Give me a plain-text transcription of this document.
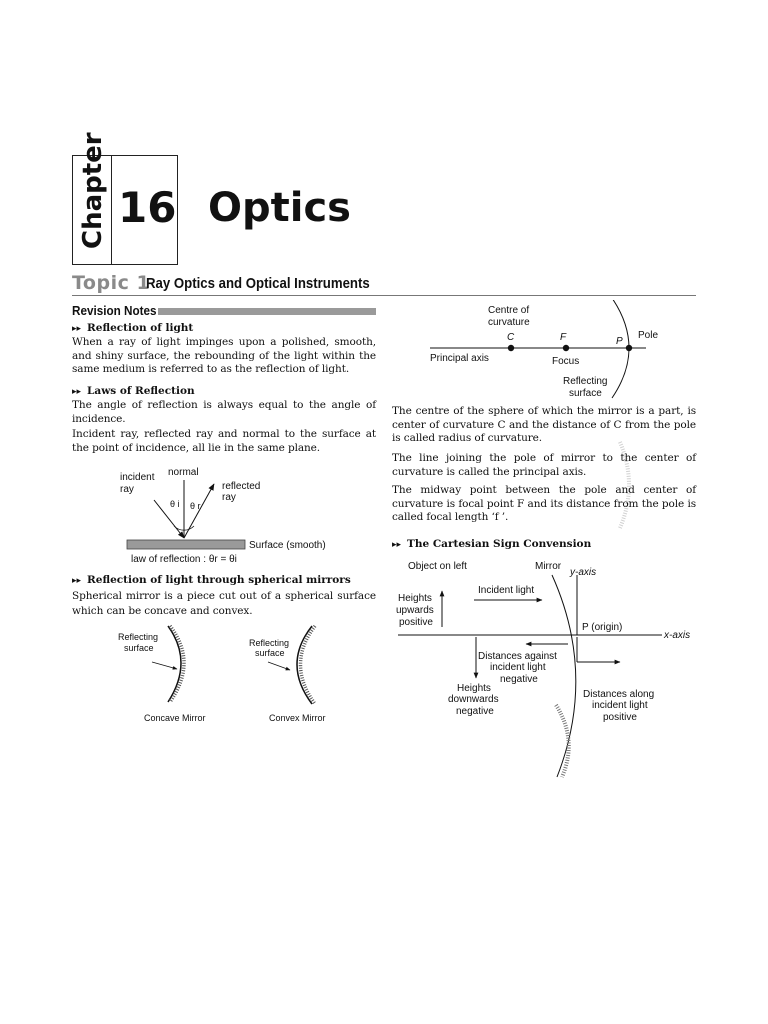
Chapter 16 Optics
Topic 1
Ray Optics and Optical Instruments
Revision Notes
▸▸ Reflection of light
When a ray of light impinges upon a polished, smooth, and shiny surface, the rebounding of the light within the same medium is referred to as the reflection of light.
▸▸ Laws of Reflection
The angle of reflection is always equal to the angle of incidence.
Incident ray, reflected ray and normal to the surface at the point of incidence, all lie in the same plane.
incident
ray
normal
reflected
ray
θ i θ r
Surface (smooth)
law of reflection : θr = θi
▸▸ Reflection of light through spherical mirrors
Spherical mirror is a piece cut out of a spherical surface which can be concave and convex.
Reflecting
surface
Concave Mirror
Reflecting
surface
Convex Mirror
Centre of
curvature
C	F	P
Pole
Principal axis	Focus
Reflecting
surface
The centre of the sphere of which the mirror is a part, is center of curvature C and the distance of C from the pole is called radius of curvature.
The line joining the pole of mirror to the center of curvature is called the principal axis.
The midway point between the pole and center of curvature is focal point F and its distance from the pole is called focal length ‘f ’.
▸▸ The Cartesian Sign Convension
Object on left	Mirror
y-axis
x-axis
Incident light
Heights
upwards
positive	P (origin)
Distances against
incident light
negative
Heights
downwards
negative
Distances along
incident light
positive
